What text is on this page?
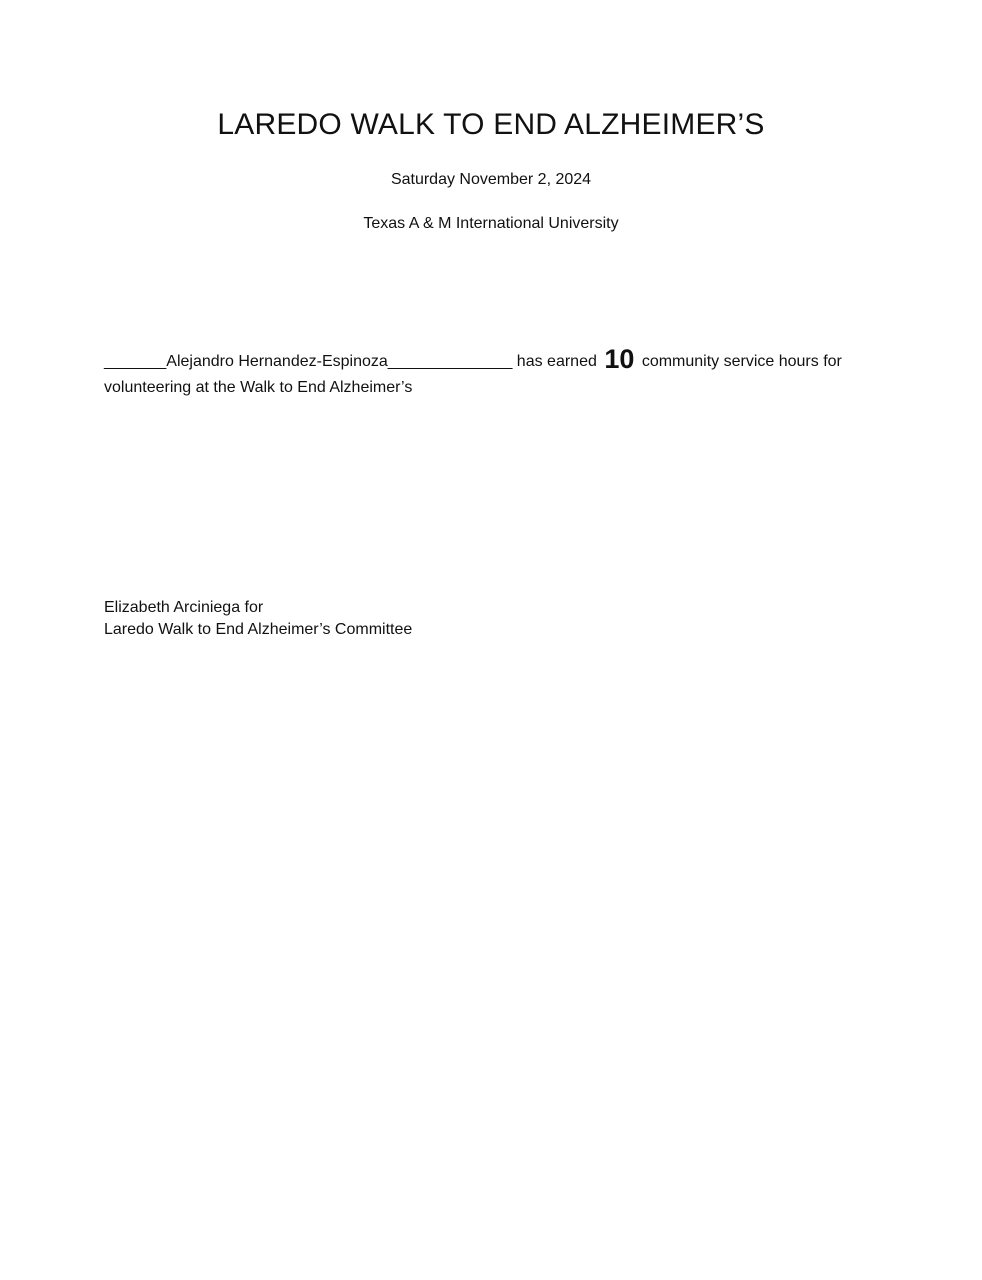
LAREDO WALK TO END ALZHEIMER’S
Saturday November 2, 2024
Texas A & M International University
_______Alejandro Hernandez-Espinoza______________ has earned 10 community service hours for
volunteering at the Walk to End Alzheimer’s
Elizabeth Arciniega for
Laredo Walk to End Alzheimer’s Committee
